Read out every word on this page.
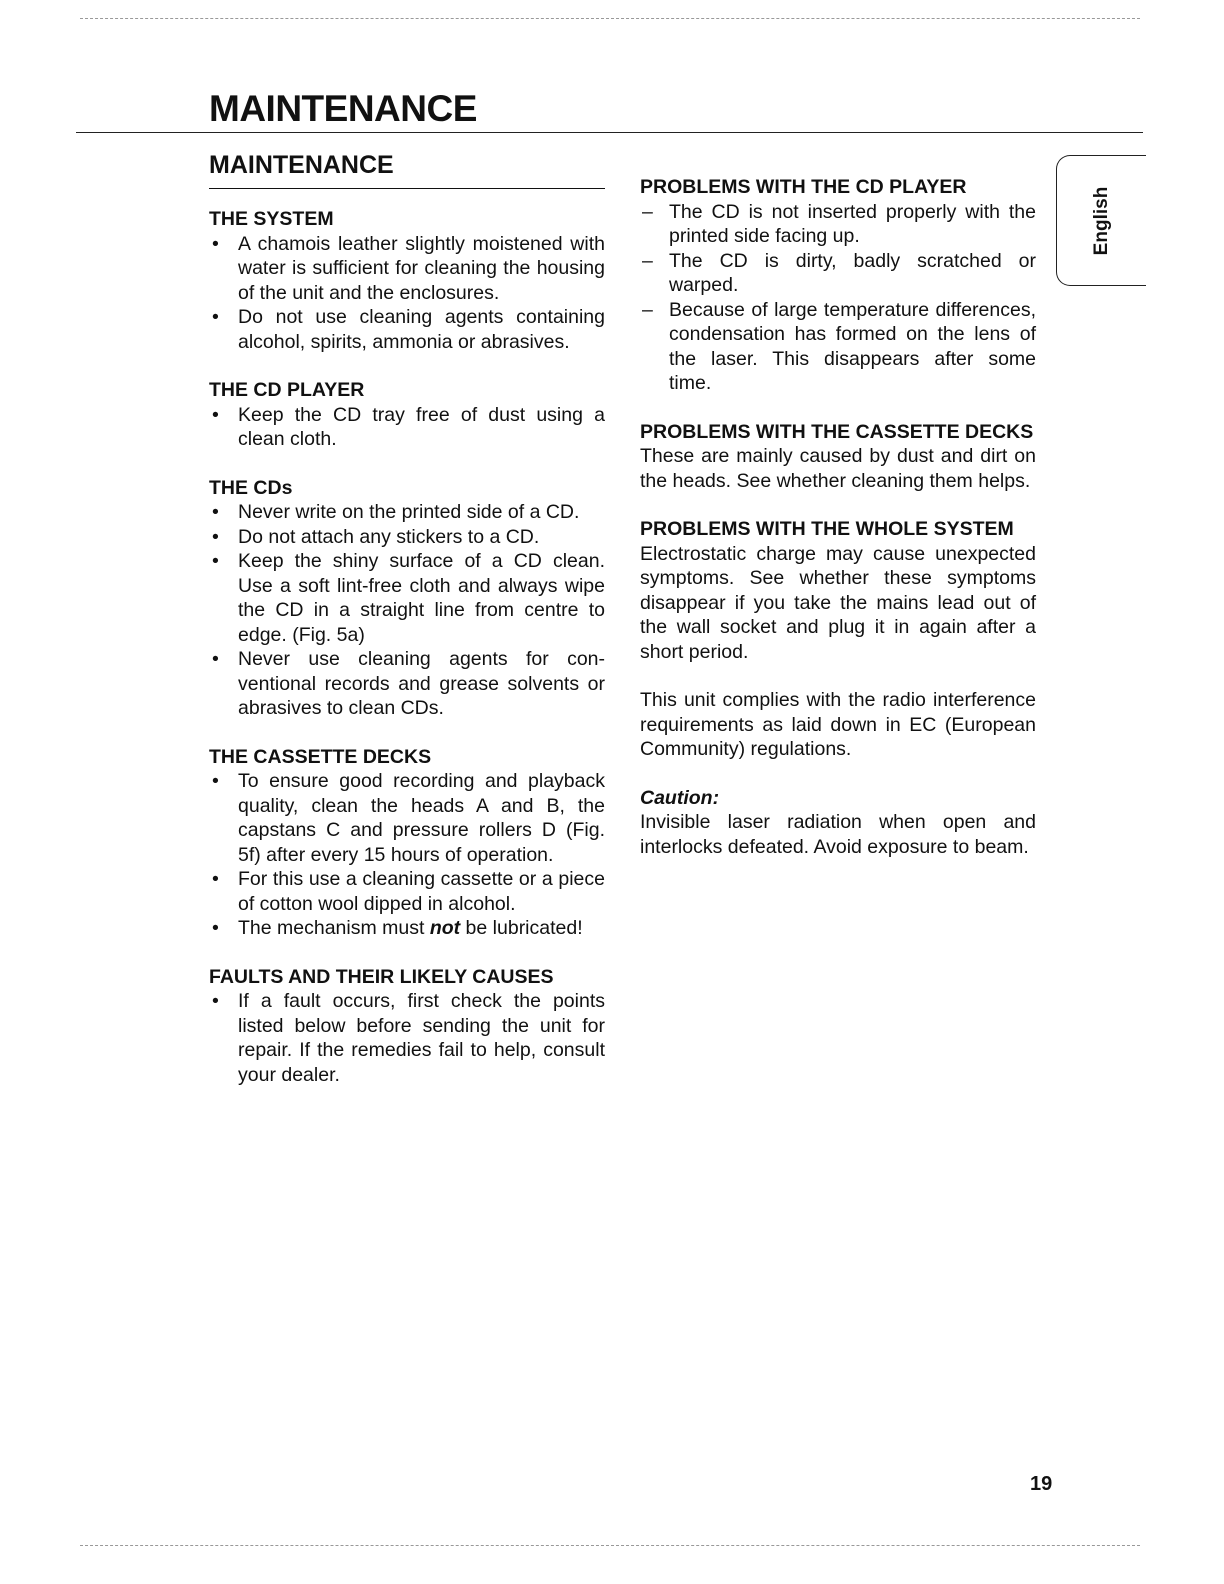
MAINTENANCE
English
MAINTENANCE

THE SYSTEM

• A chamois leather slightly moistened with water is sufficient for cleaning the housing of the unit and the enclosures.
• Do not use cleaning agents containing alcohol, spirits, ammonia or abrasives.

THE CD PLAYER

• Keep the CD tray free of dust using a clean cloth.

THE CDs

• Never write on the printed side of a CD.
• Do not attach any stickers to a CD.
• Keep the shiny surface of a CD clean. Use a soft lint-free cloth and always wipe the CD in a straight line from centre to edge. (Fig. 5a)
• Never use cleaning agents for con-ventional records and grease solvents or abrasives to clean CDs.

THE CASSETTE DECKS

• To ensure good recording and playback quality, clean the heads A and B, the capstans C and pressure rollers D (Fig. 5f) after every 15 hours of operation.
• For this use a cleaning cassette or a piece of cotton wool dipped in alcohol.
• The mechanism must not be lubricated!

FAULTS AND THEIR LIKELY CAUSES

• If a fault occurs, first check the points listed below before sending the unit for repair. If the remedies fail to help, consult your dealer.

PROBLEMS WITH THE CD PLAYER

– The CD is not inserted properly with the printed side facing up.
– The CD is dirty, badly scratched or warped.
– Because of large temperature differences, condensation has formed on the lens of the laser. This disappears after some time.

PROBLEMS WITH THE CASSETTE DECKS

These are mainly caused by dust and dirt on the heads. See whether cleaning them helps.

PROBLEMS WITH THE WHOLE SYSTEM

Electrostatic charge may cause unexpected symptoms. See whether these symptoms disappear if you take the mains lead out of the wall socket and plug it in again after a short period.

This unit complies with the radio interference requirements as laid down in EC (European Community) regulations.

Caution:

Invisible laser radiation when open and interlocks defeated. Avoid exposure to beam.

19
